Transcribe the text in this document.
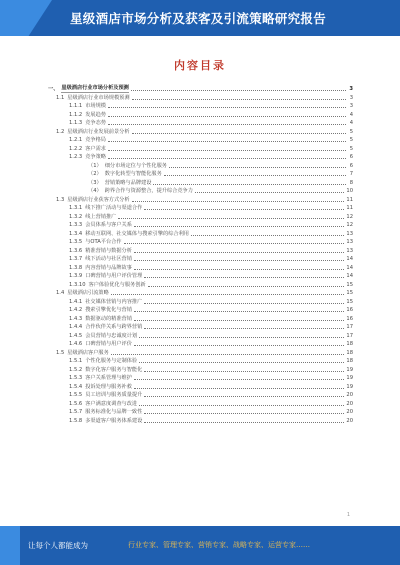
星级酒店市场分析及获客及引流策略研究报告
内容目录
一、 星级酒店行业市场分析及预测	3
1.1 星级酒店行业市场规模预测	3
1.1.1 市场规模	3
1.1.2 发展趋势	4
1.1.3 竞争态势	4
1.2 星级酒店行业发展前景分析	5
1.2.1 竞争格局	5
1.2.2 客户需求	5
1.2.3 竞争策略	6
（1） 细分市场定位与个性化服务	6
（2） 数字化转型与智能化服务	7
（3） 营销策略与品牌建设	8
（4） 跨界合作与资源整合，提升综合竞争力	10
1.3 星级酒店行业获客方式分析	11
1.3.1 线下推广活动与渠道合作	11
1.3.2 线上营销推广	12
1.3.3 会员体系与客户关系	12
1.3.4 移动互联网、社交媒体与搜索引擎的综合利用	13
1.3.5 与OTA平台合作	13
1.3.6 精准营销与数据分析	13
1.3.7 线下活动与社区营销	14
1.3.8 内容营销与品牌故事	14
1.3.9 口碑营销与用户评价管理	14
1.3.10 客户体验优化与服务创新	15
1.4 星级酒店引流策略	15
1.4.1 社交媒体营销与内容推广	15
1.4.2 搜索引擎优化与营销	16
1.4.3 数据驱动的精准营销	16
1.4.4 合作伙伴关系与跨界营销	17
1.4.5 会员营销与忠诚度计划	17
1.4.6 口碑营销与用户评价	18
1.5 星级酒店客户服务	18
1.5.1 个性化服务与定制体验	18
1.5.2 数字化客户服务与智能化	19
1.5.3 客户关系管理与维护	19
1.5.4 投诉处理与服务补救	19
1.5.5 员工培训与服务质量提升	20
1.5.6 客户满意度调查与改进	20
1.5.7 服务标准化与品牌一致性	20
1.5.8 多渠道客户服务体系建设	20
1
让每个人都能成为	行业专家、管理专家、营销专家、战略专家、运营专家……
